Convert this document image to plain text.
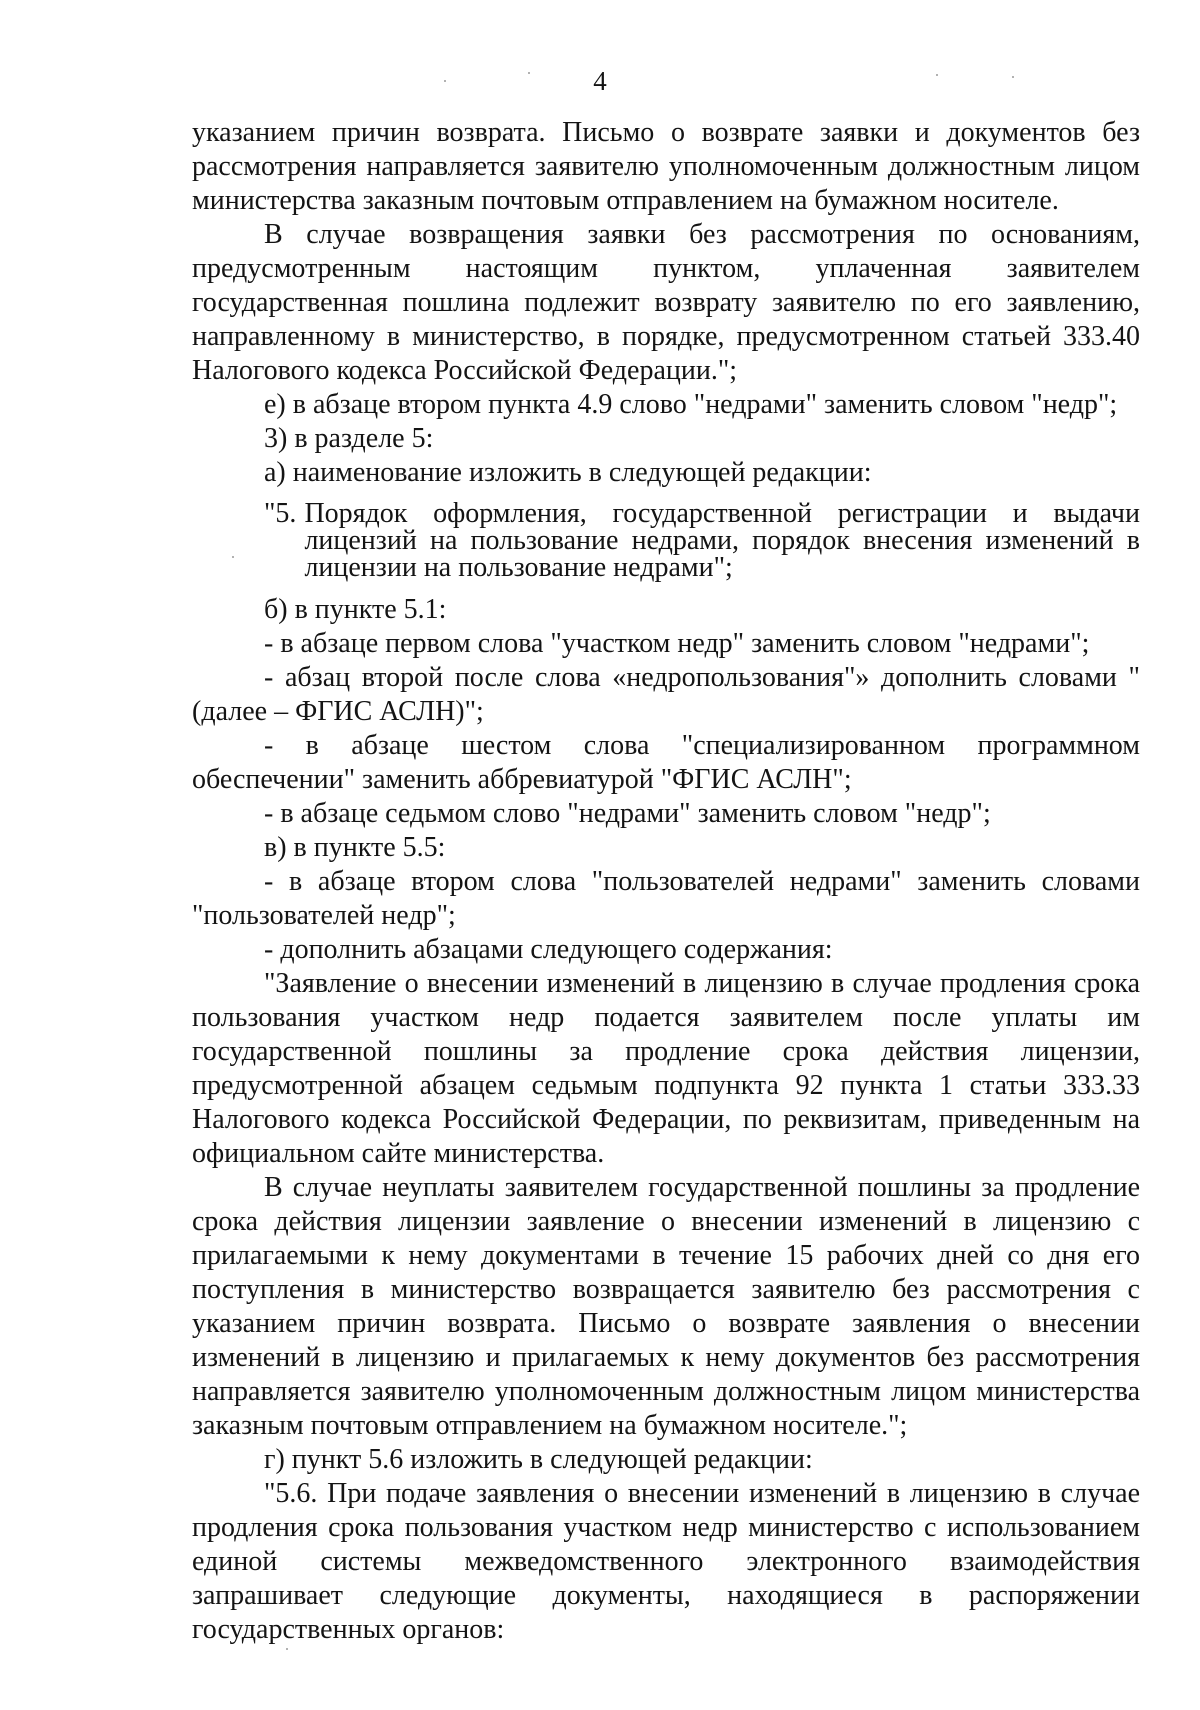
4

указанием причин возврата. Письмо о возврате заявки и документов без рассмотрения направляется заявителю уполномоченным должностным лицом министерства заказным почтовым отправлением на бумажном носителе.

В случае возвращения заявки без рассмотрения по основаниям, предусмотренным настоящим пунктом, уплаченная заявителем государственная пошлина подлежит возврату заявителю по его заявлению, направленному в министерство, в порядке, предусмотренном статьей 333.40 Налогового кодекса Российской Федерации.";

е) в абзаце втором пункта 4.9 слово "недрами" заменить словом "недр";

3) в разделе 5:

а) наименование изложить в следующей редакции:

"5. Порядок оформления, государственной регистрации и выдачи лицензий на пользование недрами, порядок внесения изменений в лицензии на пользование недрами";

б) в пункте 5.1:

- в абзаце первом слова "участком недр" заменить словом "недрами";

- абзац второй после слова «недропользования"» дополнить словами "(далее – ФГИС АСЛН)";

- в абзаце шестом слова "специализированном программном обеспечении" заменить аббревиатурой "ФГИС АСЛН";

- в абзаце седьмом слово "недрами" заменить словом "недр";

в) в пункте 5.5:

- в абзаце втором слова "пользователей недрами" заменить словами "пользователей недр";

- дополнить абзацами следующего содержания:

"Заявление о внесении изменений в лицензию в случае продления срока пользования участком недр подается заявителем после уплаты им государственной пошлины за продление срока действия лицензии, предусмотренной абзацем седьмым подпункта 92 пункта 1 статьи 333.33 Налогового кодекса Российской Федерации, по реквизитам, приведенным на официальном сайте министерства.

В случае неуплаты заявителем государственной пошлины за продление срока действия лицензии заявление о внесении изменений в лицензию с прилагаемыми к нему документами в течение 15 рабочих дней со дня его поступления в министерство возвращается заявителю без рассмотрения с указанием причин возврата. Письмо о возврате заявления о внесении изменений в лицензию и прилагаемых к нему документов без рассмотрения направляется заявителю уполномоченным должностным лицом министерства заказным почтовым отправлением на бумажном носителе.";

г) пункт 5.6 изложить в следующей редакции:

"5.6. При подаче заявления о внесении изменений в лицензию в случае продления срока пользования участком недр министерство с использованием единой системы межведомственного электронного взаимодействия запрашивает следующие документы, находящиеся в распоряжении государственных органов:
